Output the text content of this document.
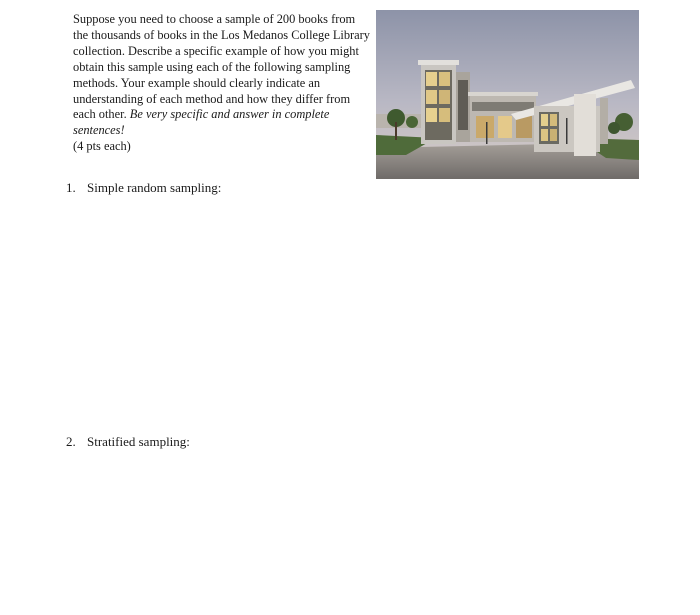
Suppose you need to choose a sample of 200 books from the thousands of books in the Los Medanos College Library collection. Describe a specific example of how you might obtain this sample using each of the following sampling methods. Your example should clearly indicate an understanding of each method and how they differ from each other. Be very specific and answer in complete sentences!
(4 pts each)
1. Simple random sampling:
2. Stratified sampling:
